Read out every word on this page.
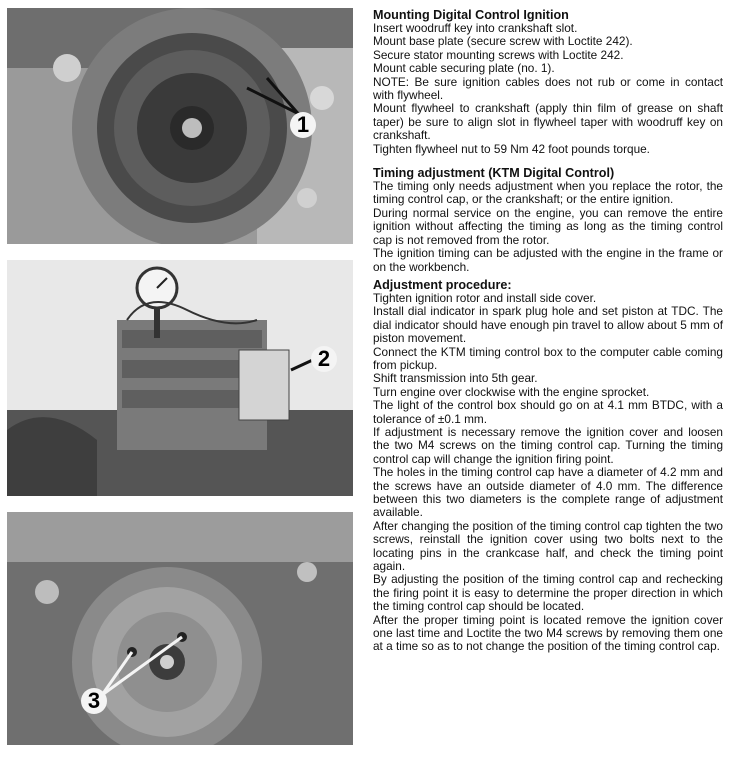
1
2
3
Mounting Digital Control Ignition

Insert woodruff key into crankshaft slot.

Mount base plate (secure screw with Loctite 242).

Secure stator mounting screws with Loctite 242.

Mount cable securing plate (no. 1).

NOTE: Be sure ignition cables does not rub or come in contact with flywheel.

Mount flywheel to crankshaft (apply thin film of grease on shaft taper) be sure to align slot in flywheel taper with woodruff key on crankshaft.

Tighten flywheel nut to 59 Nm 42 foot pounds torque.

Timing adjustment (KTM Digital Control)

The timing only needs adjustment when you replace the rotor, the timing control cap, or the crankshaft; or the entire ignition.

During normal service on the engine, you can remove the entire ignition without affecting the timing as long as the timing control cap is not removed from the rotor.

The ignition timing can be adjusted with the engine in the frame or on the workbench.

Adjustment procedure:

Tighten ignition rotor and install side cover.

Install dial indicator in spark plug hole and set piston at TDC. The dial indicator should have enough pin travel to allow about 5 mm of piston movement.

Connect the KTM timing control box to the computer cable coming from pickup.

Shift transmission into 5th gear.

Turn engine over clockwise with the engine sprocket.

The light of the control box should go on at 4.1 mm BTDC, with a tolerance of ±0.1 mm.

If adjustment is necessary remove the ignition cover and loosen the two M4 screws on the timing control cap. Turning the timing control cap will change the ignition firing point.

The holes in the timing control cap have a diameter of 4.2 mm and the screws have an outside diameter of 4.0 mm. The difference between this two diameters is the complete range of adjustment available.

After changing the position of the timing control cap tighten the two screws, reinstall the ignition cover using two bolts next to the locating pins in the crankcase half, and check the timing point again.

By adjusting the position of the timing control cap and rechecking the firing point it is easy to determine the proper direction in which the timing control cap should be located.

After the proper timing point is located remove the ignition cover one last time and Loctite the two M4 screws by removing them one at a time so as to not change the position of the timing control cap.
